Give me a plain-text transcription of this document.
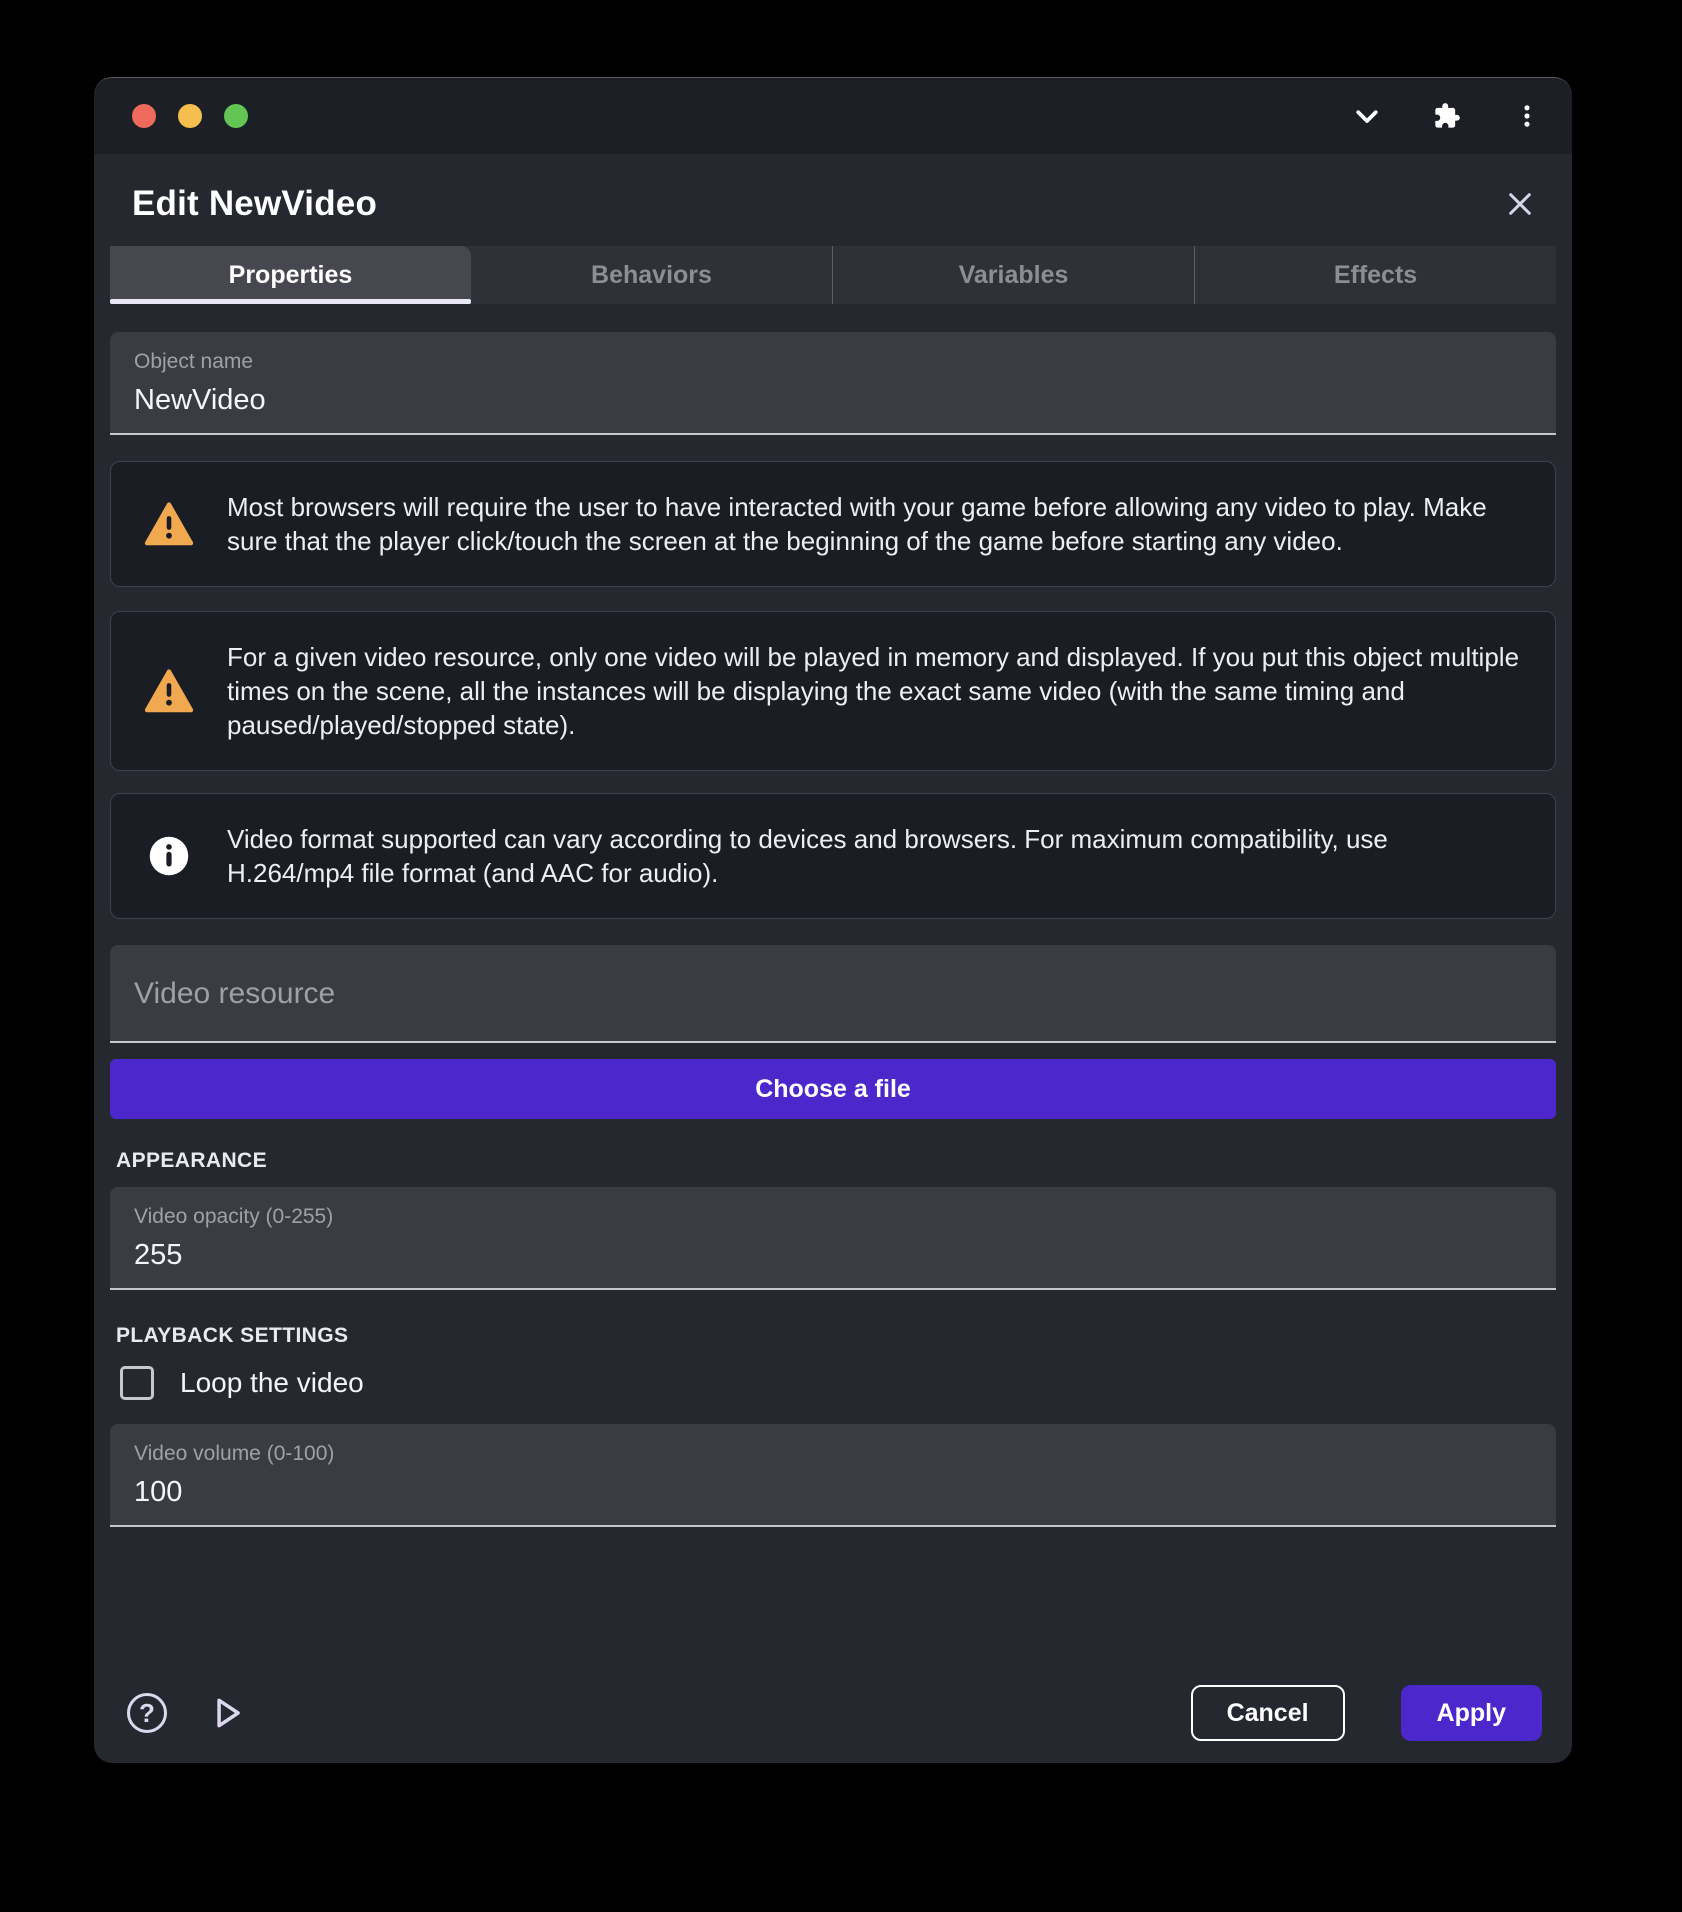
Edit NewVideo
Properties	Behaviors	Variables	Effects
Object name
NewVideo
Most browsers will require the user to have interacted with your game before allowing any video to play. Make sure that the player click/touch the screen at the beginning of the game before starting any video.
For a given video resource, only one video will be played in memory and displayed. If you put this object multiple times on the scene, all the instances will be displaying the exact same video (with the same timing and paused/played/stopped state).
Video format supported can vary according to devices and browsers. For maximum compatibility, use H.264/mp4 file format (and AAC for audio).
Video resource
Choose a file
APPEARANCE
Video opacity (0-255)
255
PLAYBACK SETTINGS
Loop the video
Video volume (0-100)
100
?	Cancel	Apply
